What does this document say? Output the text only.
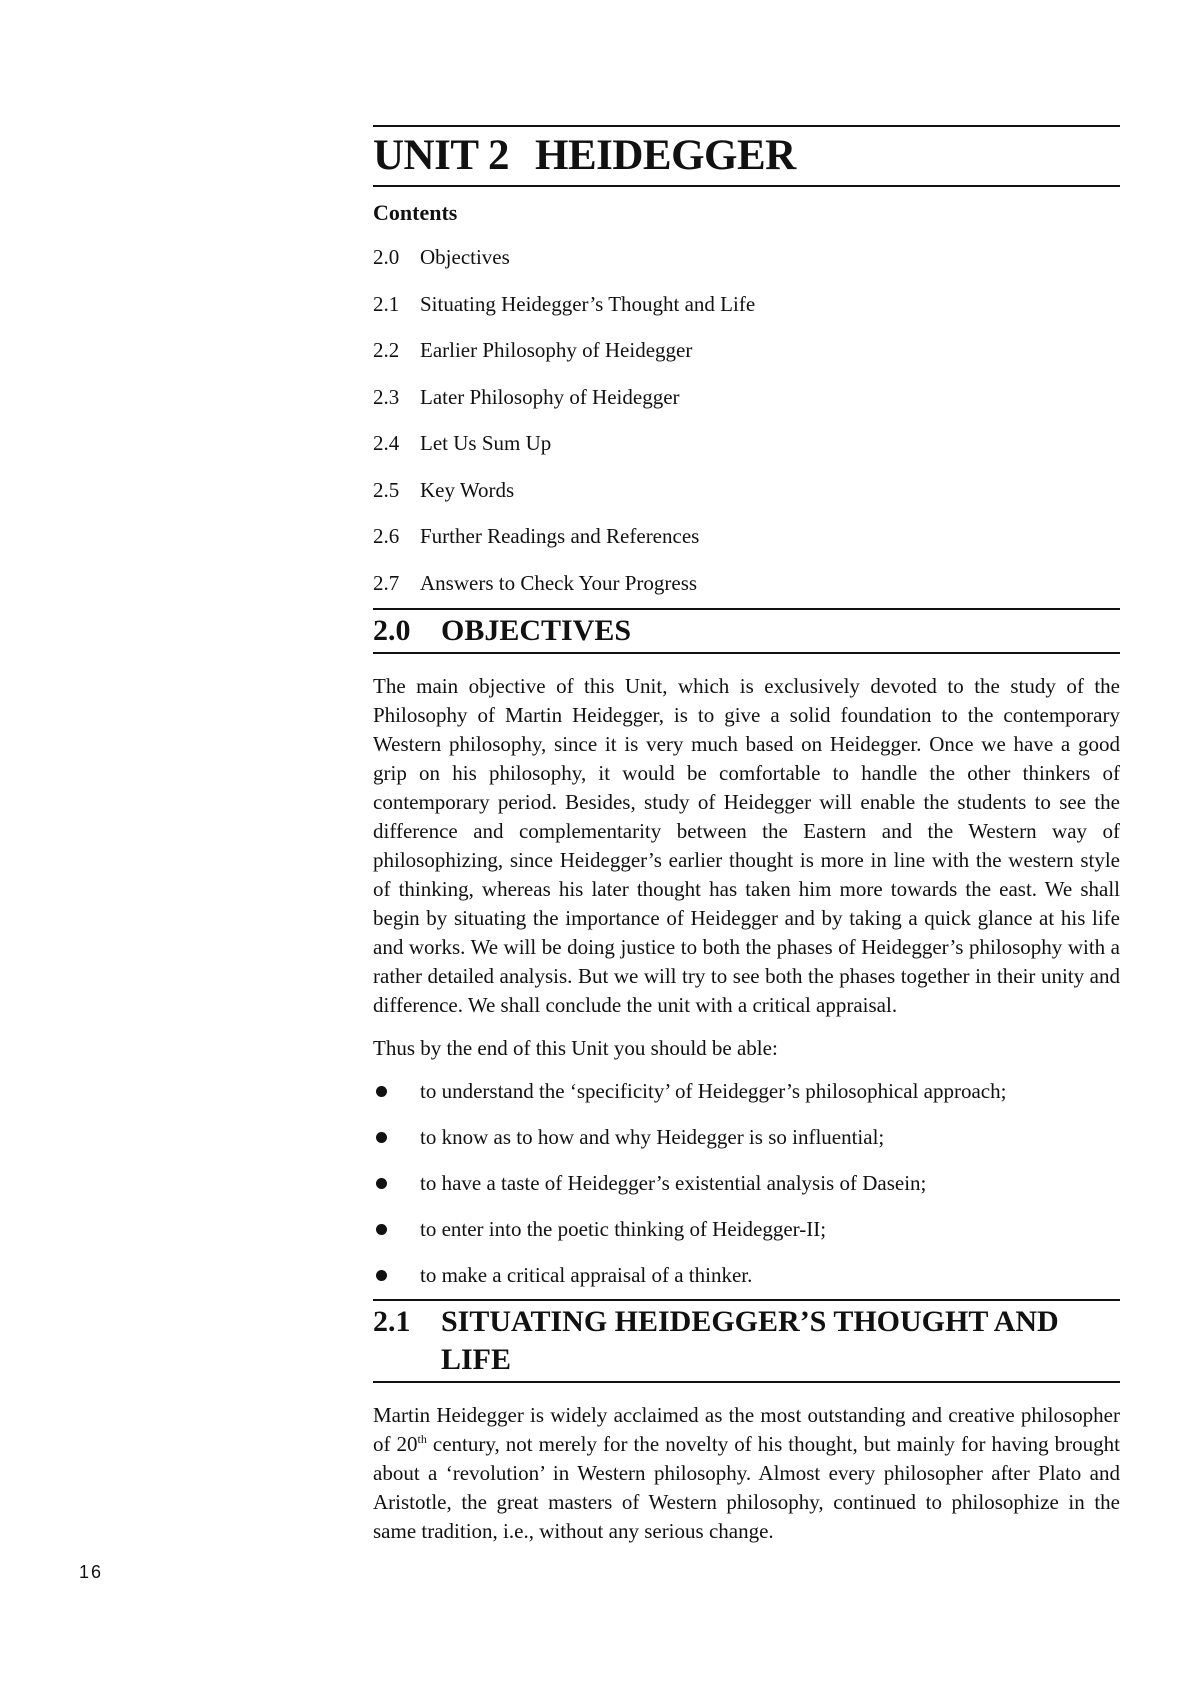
UNIT 2 HEIDEGGER
Contents
2.0 Objectives
2.1 Situating Heidegger’s Thought and Life
2.2 Earlier Philosophy of Heidegger
2.3 Later Philosophy of Heidegger
2.4 Let Us Sum Up
2.5 Key Words
2.6 Further Readings and References
2.7 Answers to Check Your Progress
2.0	OBJECTIVES

The main objective of this Unit, which is exclusively devoted to the study of the Philosophy of Martin Heidegger, is to give a solid foundation to the contemporary Western philosophy, since it is very much based on Heidegger. Once we have a good grip on his philosophy, it would be comfortable to handle the other thinkers of contemporary period. Besides, study of Heidegger will enable the students to see the difference and complementarity between the Eastern and the Western way of philosophizing, since Heidegger’s earlier thought is more in line with the western style of thinking, whereas his later thought has taken him more towards the east. We shall begin by situating the importance of Heidegger and by taking a quick glance at his life and works. We will be doing justice to both the phases of Heidegger’s philosophy with a rather detailed analysis. But we will try to see both the phases together in their unity and difference. We shall conclude the unit with a critical appraisal.

Thus by the end of this Unit you should be able:

to understand the ‘specificity’ of Heidegger’s philosophical approach;
to know as to how and why Heidegger is so influential;
to have a taste of Heidegger’s existential analysis of Dasein;
to enter into the poetic thinking of Heidegger-II;
to make a critical appraisal of a thinker.
2.1	SITUATING HEIDEGGER’S THOUGHT AND LIFE

Martin Heidegger is widely acclaimed as the most outstanding and creative philosopher of 20th century, not merely for the novelty of his thought, but mainly for having brought about a ‘revolution’ in Western philosophy. Almost every philosopher after Plato and Aristotle, the great masters of Western philosophy, continued to philosophize in the same tradition, i.e., without any serious change.

16
